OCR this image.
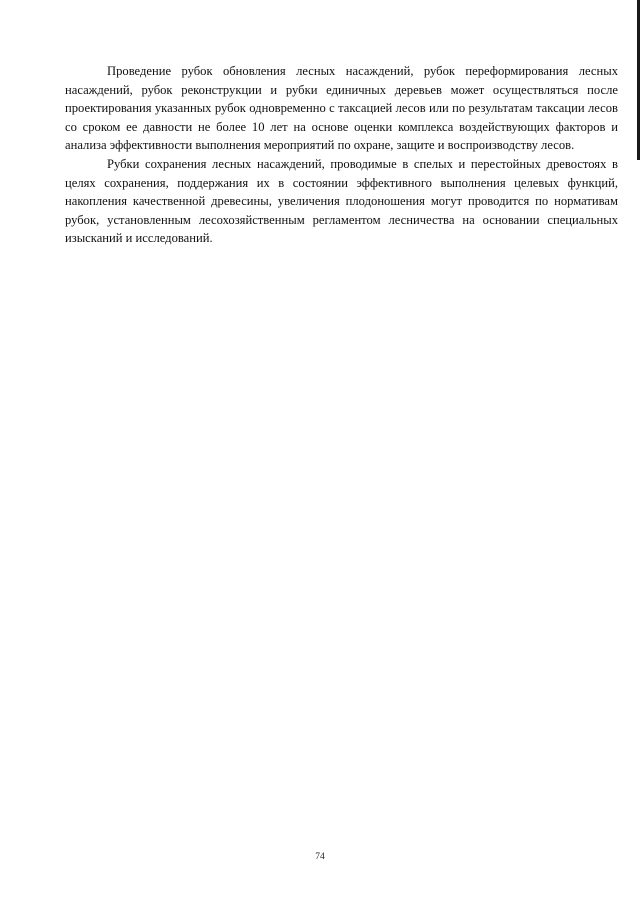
Проведение рубок обновления лесных насаждений, рубок переформирования лесных насаждений, рубок реконструкции и рубки единичных деревьев может осуществляться после проектирования указанных рубок одновременно с таксацией лесов или по результатам таксации лесов со сроком ее давности не более 10 лет на основе оценки комплекса воздействующих факторов и анализа эффективности выполнения мероприятий по охране, защите и воспроизводству лесов.

Рубки сохранения лесных насаждений, проводимые в спелых и перестойных древостоях в целях сохранения, поддержания их в состоянии эффективного выполнения целевых функций, накопления качественной древесины, увеличения плодоношения могут проводится по нормативам рубок, установленным лесохозяйственным регламентом лесничества на основании специальных изысканий и исследований.

74
